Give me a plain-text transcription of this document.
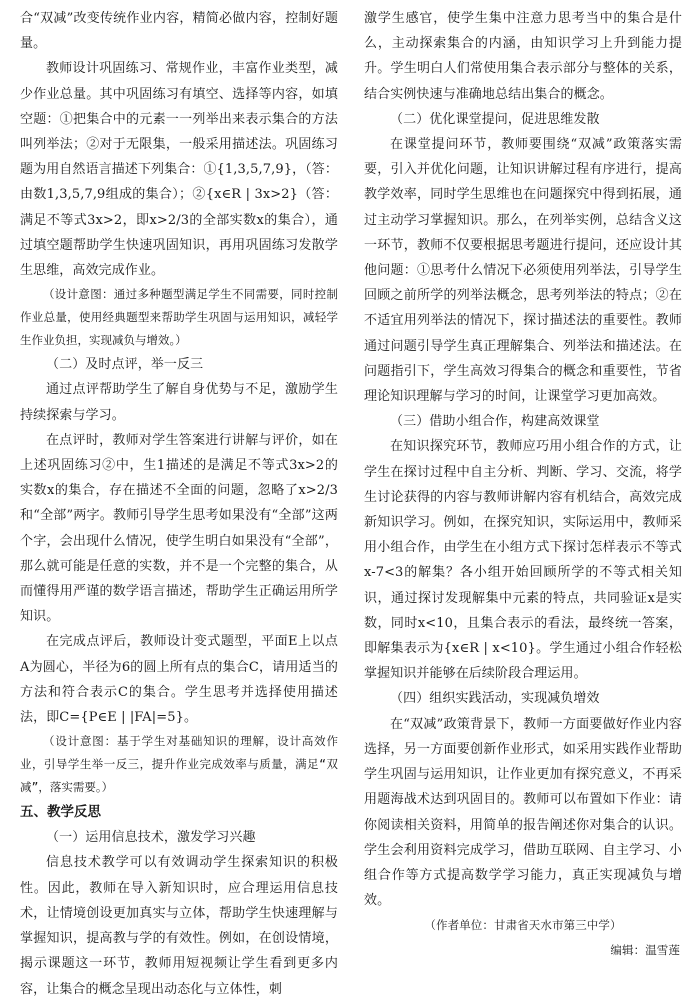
合“双减”改变传统作业内容，精简必做内容，控制好题量。

教师设计巩固练习、常规作业，丰富作业类型，减少作业总量。其中巩固练习有填空、选择等内容，如填空题：①把集合中的元素一一列举出来表示集合的方法叫列举法；②对于无限集，一般采用描述法。巩固练习题为用自然语言描述下列集合：①{1,3,5,7,9}，（答：由数1,3,5,7,9组成的集合）；②{x∈R | 3x>2}（答：满足不等式3x>2，即x>2/3的全部实数x的集合），通过填空题帮助学生快速巩固知识，再用巩固练习发散学生思维，高效完成作业。

（设计意图：通过多种题型满足学生不同需要，同时控制作业总量，使用经典题型来帮助学生巩固与运用知识，减轻学生作业负担，实现减负与增效。）

（二）及时点评，举一反三

通过点评帮助学生了解自身优势与不足，激励学生持续探索与学习。

在点评时，教师对学生答案进行讲解与评价，如在上述巩固练习②中，生1描述的是满足不等式3x>2的实数x的集合，存在描述不全面的问题，忽略了x>2/3和“全部”两字。教师引导学生思考如果没有“全部”这两个字，会出现什么情况，使学生明白如果没有“全部”，那么就可能是任意的实数，并不是一个完整的集合，从而懂得用严谨的数学语言描述，帮助学生正确运用所学知识。

在完成点评后，教师设计变式题型，平面E上以点A为圆心，半径为6的圆上所有点的集合C，请用适当的方法和符合表示C的集合。学生思考并选择使用描述法，即C={P∈E | |FA|=5}。

（设计意图：基于学生对基础知识的理解，设计高效作业，引导学生举一反三，提升作业完成效率与质量，满足“双减”，落实需要。）

五、教学反思

（一）运用信息技术，激发学习兴趣

信息技术教学可以有效调动学生探索知识的积极性。因此，教师在导入新知识时，应合理运用信息技术，让情境创设更加真实与立体，帮助学生快速理解与掌握知识，提高教与学的有效性。例如，在创设情境，揭示课题这一环节，教师用短视频让学生看到更多内容，让集合的概念呈现出动态化与立体性，刺

激学生感官，使学生集中注意力思考当中的集合是什么，主动探索集合的内涵，由知识学习上升到能力提升。学生明白人们常使用集合表示部分与整体的关系，结合实例快速与准确地总结出集合的概念。

（二）优化课堂提问，促进思维发散

在课堂提问环节，教师要围绕“双减”政策落实需要，引入并优化问题，让知识讲解过程有序进行，提高教学效率，同时学生思维也在问题探究中得到拓展，通过主动学习掌握知识。那么，在列举实例，总结含义这一环节，教师不仅要根据思考题进行提问，还应设计其他问题：①思考什么情况下必须使用列举法，引导学生回顾之前所学的列举法概念，思考列举法的特点；②在不适宜用列举法的情况下，探讨描述法的重要性。教师通过问题引导学生真正理解集合、列举法和描述法。在问题指引下，学生高效习得集合的概念和重要性，节省理论知识理解与学习的时间，让课堂学习更加高效。

（三）借助小组合作，构建高效课堂

在知识探究环节，教师应巧用小组合作的方式，让学生在探讨过程中自主分析、判断、学习、交流，将学生讨论获得的内容与教师讲解内容有机结合，高效完成新知识学习。例如，在探究知识，实际运用中，教师采用小组合作，由学生在小组方式下探讨怎样表示不等式x-7<3的解集？各小组开始回顾所学的不等式相关知识，通过探讨发现解集中元素的特点，共同验证x是实数，同时x<10，且集合表示的看法，最终统一答案，即解集表示为{x∈R | x<10}。学生通过小组合作轻松掌握知识并能够在后续阶段合理运用。

（四）组织实践活动，实现减负增效

在“双减”政策背景下，教师一方面要做好作业内容选择，另一方面要创新作业形式，如采用实践作业帮助学生巩固与运用知识，让作业更加有探究意义，不再采用题海战术达到巩固目的。教师可以布置如下作业：请你阅读相关资料，用简单的报告阐述你对集合的认识。学生会利用资料完成学习，借助互联网、自主学习、小组合作等方式提高数学学习能力，真正实现减负与增效。

（作者单位：甘肃省天水市第三中学）

编辑：温雪莲
